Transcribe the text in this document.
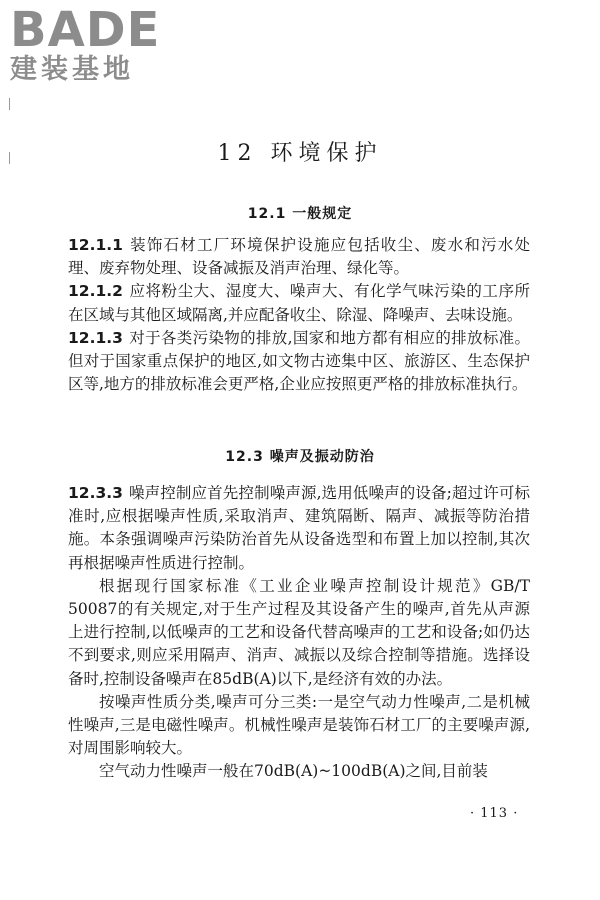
BADE
建装基地
12 环境保护
12.1 一般规定

12.1.1 装饰石材工厂环境保护设施应包括收尘、废水和污水处理、废弃物处理、设备减振及消声治理、绿化等。

12.1.2 应将粉尘大、湿度大、噪声大、有化学气味污染的工序所在区域与其他区域隔离,并应配备收尘、除湿、降噪声、去味设施。

12.1.3 对于各类污染物的排放,国家和地方都有相应的排放标准。但对于国家重点保护的地区,如文物古迹集中区、旅游区、生态保护区等,地方的排放标准会更严格,企业应按照更严格的排放标准执行。

12.3 噪声及振动防治

12.3.3 噪声控制应首先控制噪声源,选用低噪声的设备;超过许可标准时,应根据噪声性质,采取消声、建筑隔断、隔声、减振等防治措施。本条强调噪声污染防治首先从设备选型和布置上加以控制,其次再根据噪声性质进行控制。

根据现行国家标准《工业企业噪声控制设计规范》GB/T 50087的有关规定,对于生产过程及其设备产生的噪声,首先从声源上进行控制,以低噪声的工艺和设备代替高噪声的工艺和设备;如仍达不到要求,则应采用隔声、消声、减振以及综合控制等措施。选择设备时,控制设备噪声在85dB(A)以下,是经济有效的办法。

按噪声性质分类,噪声可分三类:一是空气动力性噪声,二是机械性噪声,三是电磁性噪声。机械性噪声是装饰石材工厂的主要噪声源,对周围影响较大。

空气动力性噪声一般在70dB(A)~100dB(A)之间,目前装

· 113 ·
